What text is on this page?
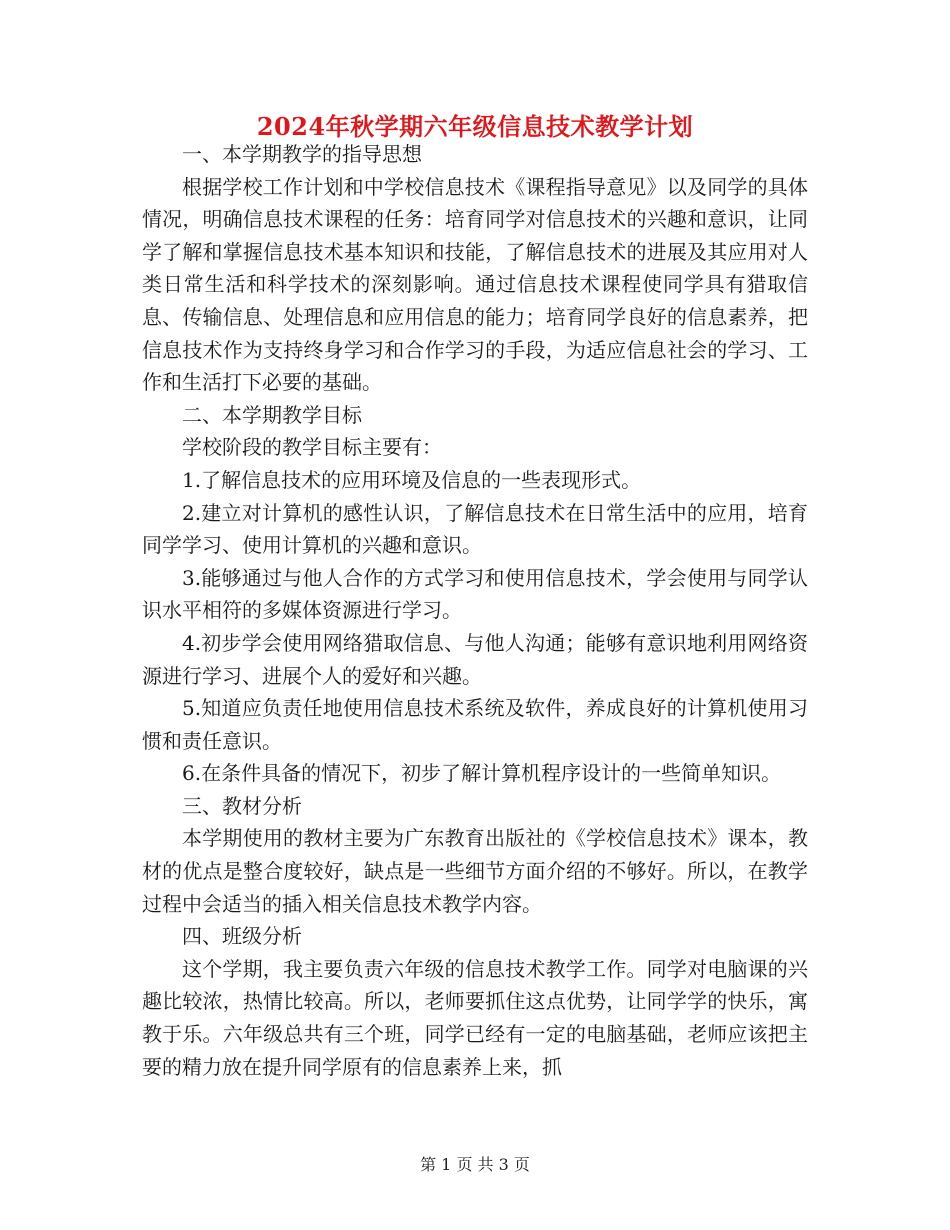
2024年秋学期六年级信息技术教学计划

一、本学期教学的指导思想

根据学校工作计划和中学校信息技术《课程指导意见》以及同学的具体情况，明确信息技术课程的任务：培育同学对信息技术的兴趣和意识，让同学了解和掌握信息技术基本知识和技能，了解信息技术的进展及其应用对人类日常生活和科学技术的深刻影响。通过信息技术课程使同学具有猎取信息、传输信息、处理信息和应用信息的能力；培育同学良好的信息素养，把信息技术作为支持终身学习和合作学习的手段，为适应信息社会的学习、工作和生活打下必要的基础。

二、本学期教学目标

学校阶段的教学目标主要有：

1.了解信息技术的应用环境及信息的一些表现形式。

2.建立对计算机的感性认识，了解信息技术在日常生活中的应用，培育同学学习、使用计算机的兴趣和意识。

3.能够通过与他人合作的方式学习和使用信息技术，学会使用与同学认识水平相符的多媒体资源进行学习。

4.初步学会使用网络猎取信息、与他人沟通；能够有意识地利用网络资源进行学习、进展个人的爱好和兴趣。

5.知道应负责任地使用信息技术系统及软件，养成良好的计算机使用习惯和责任意识。

6.在条件具备的情况下，初步了解计算机程序设计的一些简单知识。

三、教材分析

本学期使用的教材主要为广东教育出版社的《学校信息技术》课本，教材的优点是整合度较好，缺点是一些细节方面介绍的不够好。所以，在教学过程中会适当的插入相关信息技术教学内容。

四、班级分析

这个学期，我主要负责六年级的信息技术教学工作。同学对电脑课的兴趣比较浓，热情比较高。所以，老师要抓住这点优势，让同学学的快乐，寓教于乐。六年级总共有三个班，同学已经有一定的电脑基础，老师应该把主要的精力放在提升同学原有的信息素养上来，抓

第 1 页 共 3 页
